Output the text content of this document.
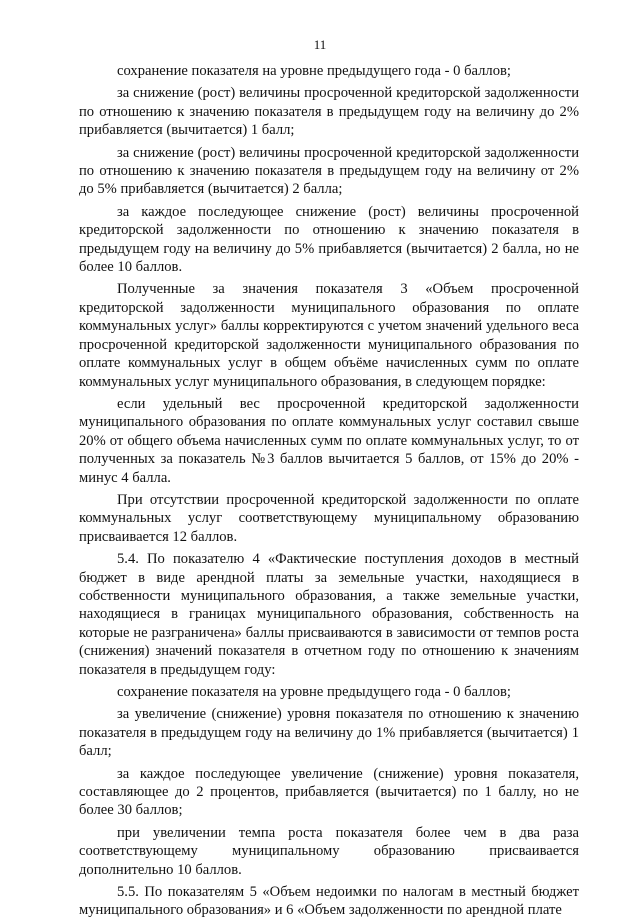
11

сохранение показателя на уровне предыдущего года - 0 баллов;

за снижение (рост) величины просроченной кредиторской задолженности по отношению к значению показателя в предыдущем году на величину до 2% прибавляется (вычитается) 1 балл;

за снижение (рост) величины просроченной кредиторской задолженности по отношению к значению показателя в предыдущем году на величину от 2% до 5% прибавляется (вычитается) 2 балла;

за каждое последующее снижение (рост) величины просроченной кредиторской задолженности по отношению к значению показателя в предыдущем году на величину до 5% прибавляется (вычитается) 2 балла, но не более 10 баллов.

Полученные за значения показателя 3 «Объем просроченной кредиторской задолженности муниципального образования по оплате коммунальных услуг» баллы корректируются с учетом значений удельного веса просроченной кредиторской задолженности муниципального образования по оплате коммунальных услуг в общем объёме начисленных сумм по оплате коммунальных услуг муниципального образования, в следующем порядке:

если удельный вес просроченной кредиторской задолженности муниципального образования по оплате коммунальных услуг составил свыше 20% от общего объема начисленных сумм по оплате коммунальных услуг, то от полученных за показатель №3 баллов вычитается 5 баллов, от 15% до 20% - минус 4 балла.

При отсутствии просроченной кредиторской задолженности по оплате коммунальных услуг соответствующему муниципальному образованию присваивается 12 баллов.

5.4. По показателю 4 «Фактические поступления доходов в местный бюджет в виде арендной платы за земельные участки, находящиеся в собственности муниципального образования, а также земельные участки, находящиеся в границах муниципального образования, собственность на которые не разграничена» баллы присваиваются в зависимости от темпов роста (снижения) значений показателя в отчетном году по отношению к значениям показателя в предыдущем году:

сохранение показателя на уровне предыдущего года - 0 баллов;

за увеличение (снижение) уровня показателя по отношению к значению показателя в предыдущем году на величину до 1% прибавляется (вычитается) 1 балл;

за каждое последующее увеличение (снижение) уровня показателя, составляющее до 2 процентов, прибавляется (вычитается) по 1 баллу, но не более 30 баллов;

при увеличении темпа роста показателя более чем в два раза соответствующему муниципальному образованию присваивается дополнительно 10 баллов.

5.5. По показателям 5 «Объем недоимки по налогам в местный бюджет муниципального образования» и 6 «Объем задолженности по арендной плате
